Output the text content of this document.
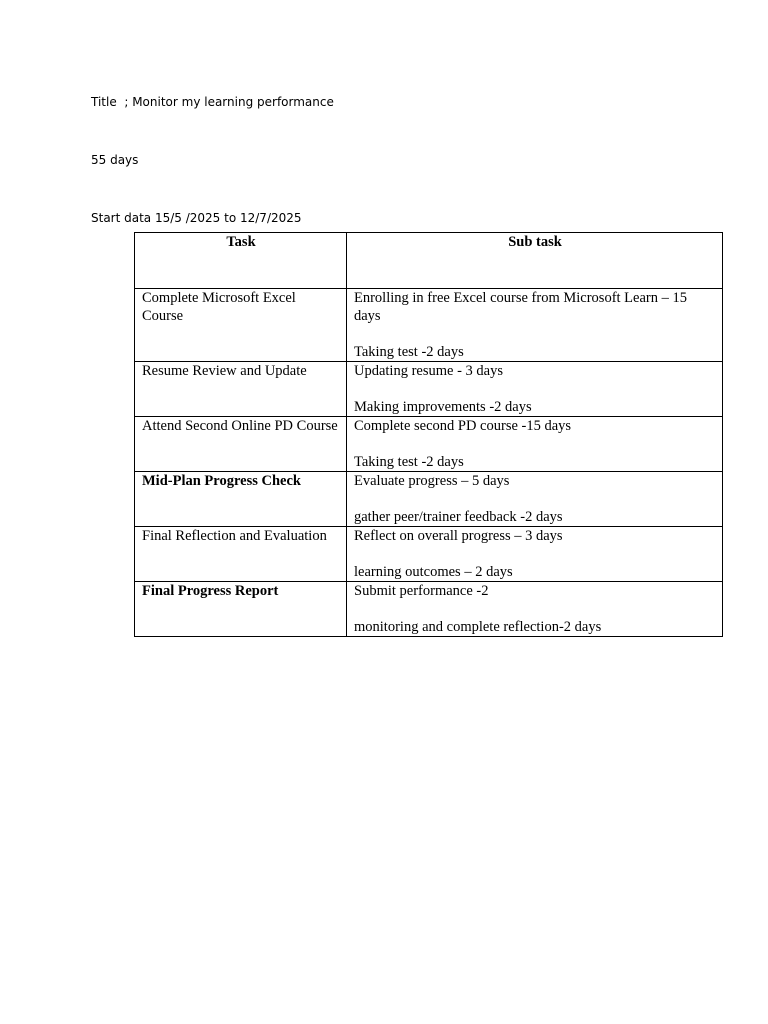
Title  ; Monitor my learning performance
55 days
Start data 15/5 /2025 to 12/7/2025
Task	Sub task
Complete Microsoft Excel Course	Enrolling in free Excel course from Microsoft Learn – 15 days
Taking test -2 days

Resume Review and Update	Updating resume - 3 days
Making improvements -2 days

Attend Second Online PD Course	Complete second PD course -15 days
Taking test -2 days

Mid-Plan Progress Check	Evaluate progress – 5 days
gather peer/trainer feedback -2 days

Final Reflection and Evaluation	Reflect on overall progress – 3 days
learning outcomes – 2 days

Final Progress Report	Submit performance -2
monitoring and complete reflection-2 days
